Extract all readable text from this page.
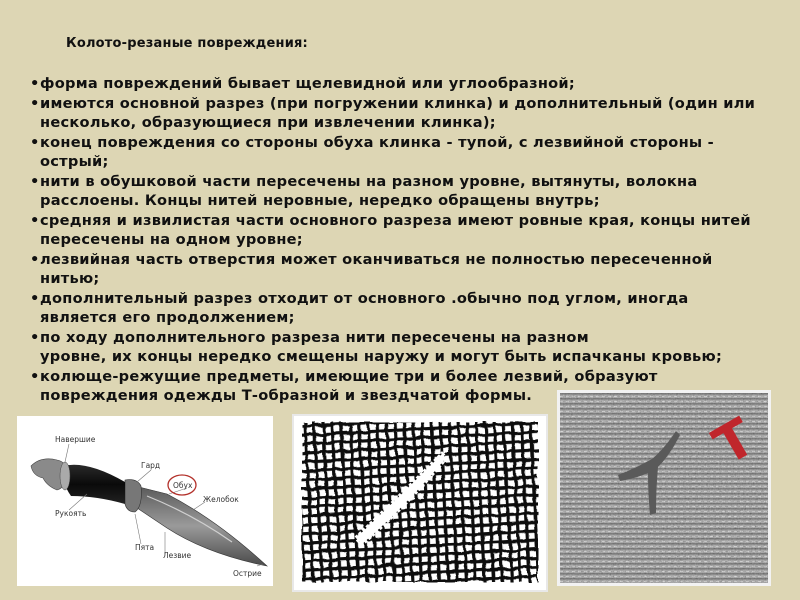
Колото-резаные повреждения:
• форма повреждений бывает щелевидной или углообразной;
• имеются основной разрез (при погружении клинка) и дополнительный (один или
несколько, образующиеся при извлечении клинка);
• конец повреждения со стороны обуха клинка - тупой, с лезвийной стороны -
острый;
• нити в обушковой части пересечены на разном уровне, вытянуты, волокна
расслоены. Концы нитей неровные, нередко обращены внутрь;
• средняя и извилистая части основного разреза имеют ровные края, концы нитей
пересечены на одном уровне;
• лезвийная часть отверстия может оканчиваться не полностью пересеченной
нитью;
• дополнительный разрез отходит от основного .обычно под углом, иногда
является его продолжением;
• по ходу дополнительного разреза нити пересечены на разном
уровне, их концы нередко смещены наружу и могут быть испачканы кровью;
• колюще-режущие предметы, имеющие три и более лезвий, образуют
повреждения одежды Т-образной и звездчатой формы.
Навершие
Гард
Обух
Желобок
Рукоять
Пята
Лезвие
Острие
Т
